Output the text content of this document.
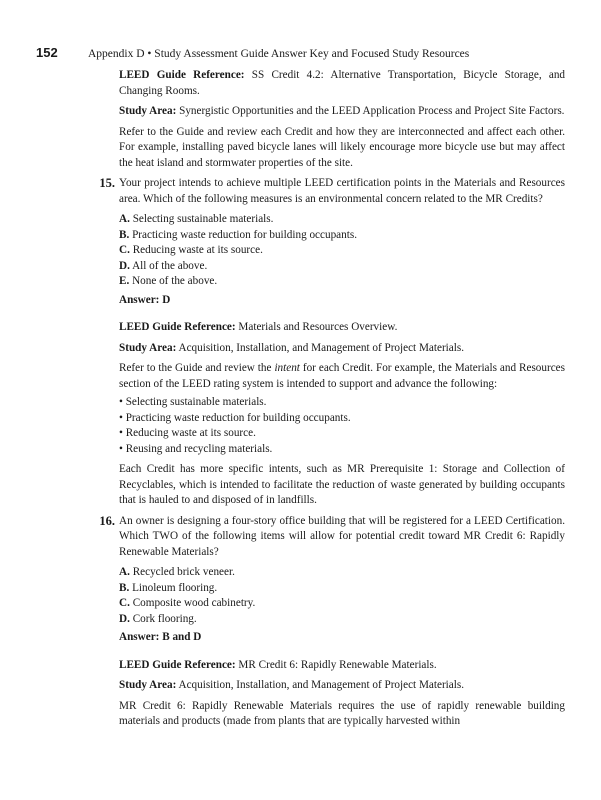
152	Appendix D • Study Assessment Guide Answer Key and Focused Study Resources

LEED Guide Reference: SS Credit 4.2: Alternative Transportation, Bicycle Storage, and Changing Rooms.

Study Area: Synergistic Opportunities and the LEED Application Process and Project Site Factors.

Refer to the Guide and review each Credit and how they are interconnected and affect each other. For example, installing paved bicycle lanes will likely encourage more bicycle use but may affect the heat island and stormwater properties of the site.

15. Your project intends to achieve multiple LEED certification points in the Materials and Resources area. Which of the following measures is an environmental concern related to the MR Credits?

A. Selecting sustainable materials.
B. Practicing waste reduction for building occupants.
C. Reducing waste at its source.
D. All of the above.
E. None of the above.

Answer: D

LEED Guide Reference: Materials and Resources Overview.

Study Area: Acquisition, Installation, and Management of Project Materials.

Refer to the Guide and review the intent for each Credit. For example, the Materials and Resources section of the LEED rating system is intended to support and advance the following:

• Selecting sustainable materials.
• Practicing waste reduction for building occupants.
• Reducing waste at its source.
• Reusing and recycling materials.

Each Credit has more specific intents, such as MR Prerequisite 1: Storage and Collection of Recyclables, which is intended to facilitate the reduction of waste generated by building occupants that is hauled to and disposed of in landfills.

16. An owner is designing a four-story office building that will be registered for a LEED Certification. Which TWO of the following items will allow for potential credit toward MR Credit 6: Rapidly Renewable Materials?

A. Recycled brick veneer.
B. Linoleum flooring.
C. Composite wood cabinetry.
D. Cork flooring.

Answer: B and D

LEED Guide Reference: MR Credit 6: Rapidly Renewable Materials.

Study Area: Acquisition, Installation, and Management of Project Materials.

MR Credit 6: Rapidly Renewable Materials requires the use of rapidly renewable building materials and products (made from plants that are typically harvested within
